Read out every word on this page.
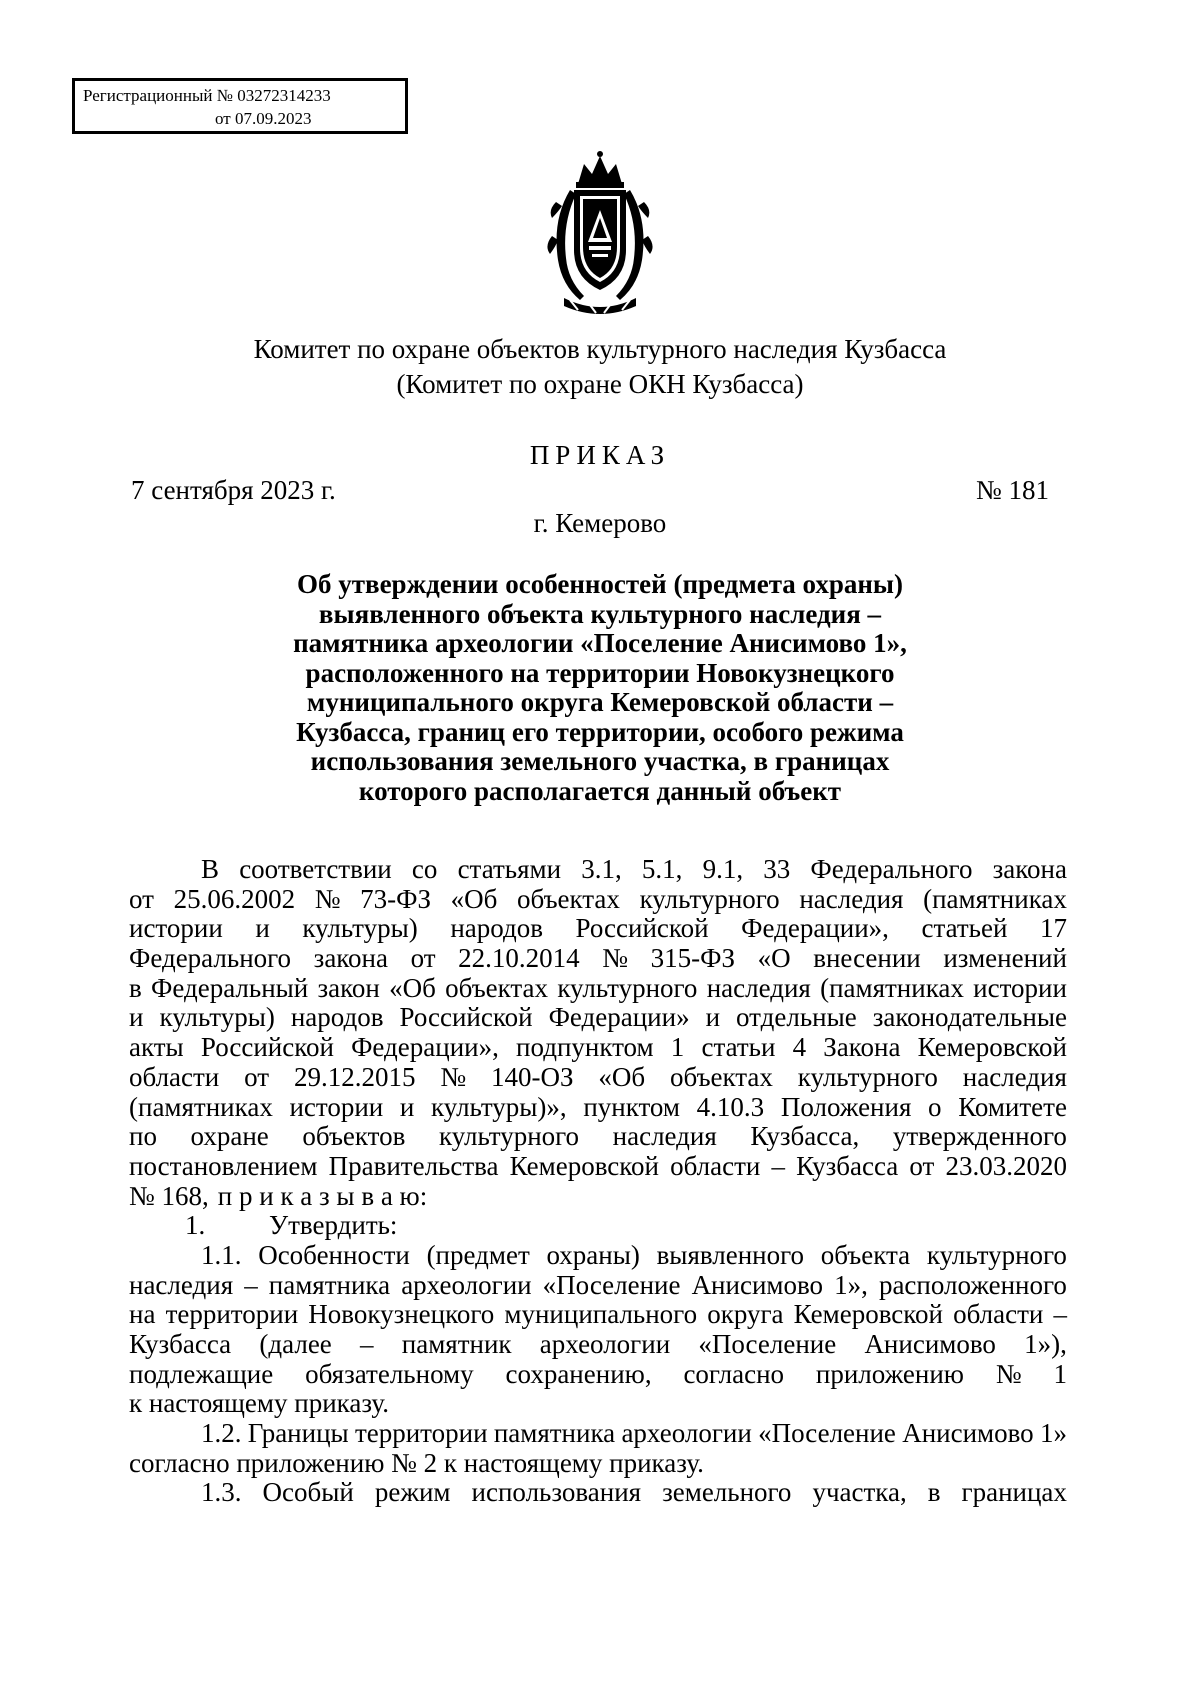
Регистрационный № 03272314233
от 07.09.2023
Комитет по охране объектов культурного наследия Кузбасса
(Комитет по охране ОКН Кузбасса)
ПРИКАЗ
7 сентября 2023 г.	№ 181
г. Кемерово
Об утверждении особенностей (предмета охраны)
выявленного объекта культурного наследия –
памятника археологии «Поселение Анисимово 1»,
расположенного на территории Новокузнецкого
муниципального округа Кемеровской области –
Кузбасса, границ его территории, особого режима
использования земельного участка, в границах
которого располагается данный объект
В соответствии со статьями 3.1, 5.1, 9.1, 33 Федерального закона
от 25.06.2002 № 73-ФЗ «Об объектах культурного наследия (памятниках
истории и культуры) народов Российской Федерации», статьей 17
Федерального закона от 22.10.2014 № 315-ФЗ «О внесении изменений
в Федеральный закон «Об объектах культурного наследия (памятниках истории
и культуры) народов Российской Федерации» и отдельные законодательные
акты Российской Федерации», подпунктом 1 статьи 4 Закона Кемеровской
области от 29.12.2015 № 140-ОЗ «Об объектах культурного наследия
(памятниках истории и культуры)», пунктом 4.10.3 Положения о Комитете
по охране объектов культурного наследия Кузбасса, утвержденного
постановлением Правительства Кемеровской области – Кузбасса от 23.03.2020
№ 168, п р и к а з ы в а ю:
1.	Утвердить:
1.1. Особенности (предмет охраны) выявленного объекта культурного
наследия – памятника археологии «Поселение Анисимово 1», расположенного
на территории Новокузнецкого муниципального округа Кемеровской области –
Кузбасса (далее – памятник археологии «Поселение Анисимово 1»),
подлежащие обязательному сохранению, согласно приложению № 1
к настоящему приказу.
1.2. Границы территории памятника археологии «Поселение Анисимово 1»
согласно приложению № 2 к настоящему приказу.
1.3. Особый режим использования земельного участка, в границах
